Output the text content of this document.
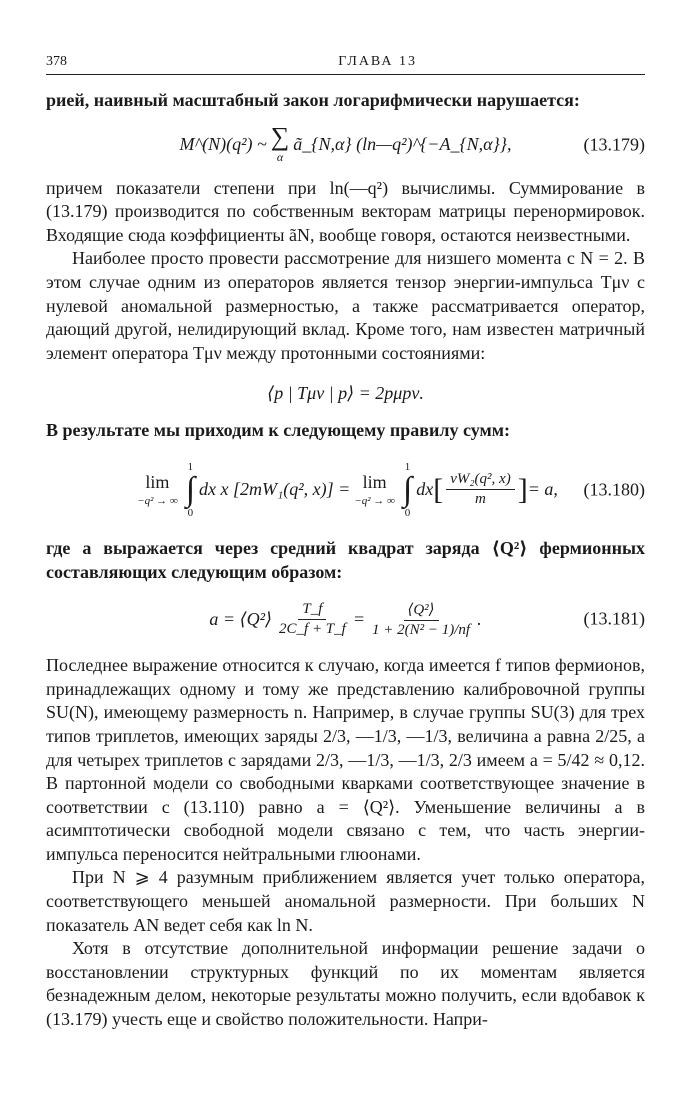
378	ГЛАВА 13

рией, наивный масштабный закон логарифмически нарушается:

M^(N)(q²) ~ ∑
α
ã_{N,α} (ln—q²)^{−A_{N,α}},	(13.179)

причем показатели степени при ln(—q²) вычислимы. Суммирование в (13.179) производится по собственным векторам матрицы перенормировок. Входящие сюда коэффициенты ãN, вообще говоря, остаются неизвестными.

Наиболее просто провести рассмотрение для низшего момента с N = 2. В этом случае одним из операторов является тензор энергии-импульса Tμν с нулевой аномальной размерностью, а также рассматривается оператор, дающий другой, нелидирующий вклад. Кроме того, нам известен матричный элемент оператора Tμν между протонными состояниями:

⟨p | Tμν | p⟩ = 2pμpν.

В результате мы приходим к следующему правилу сумм:

lim
−q² → ∞
1
∫
0
dx x [2mW₁(q², x)] = lim
−q² → ∞
1
∫
0
dx [ $\frac{\text{νW₂(q², x)}}{m}$ ] = a, (13.180)

где a выражается через средний квадрат заряда ⟨Q²⟩ фермионных составляющих следующим образом:

a = ⟨Q²⟩ $\frac{T\_f}{2C\_f + T\_f} = \frac{\text{⟨Q²⟩}}{\text{1 + 2(N² − 1)/nf}}$ .	(13.181)

Последнее выражение относится к случаю, когда имеется f типов фермионов, принадлежащих одному и тому же представлению калибровочной группы SU(N), имеющему размерность n. Например, в случае группы SU(3) для трех типов триплетов, имеющих заряды 2/3, —1/3, —1/3, величина a равна 2/25, а для четырех триплетов с зарядами 2/3, —1/3, —1/3, 2/3 имеем a = 5/42 ≈ 0,12. В партонной модели со свободными кварками соответствующее значение в соответствии с (13.110) равно a = ⟨Q²⟩. Уменьшение величины a в асимптотически свободной модели связано с тем, что часть энергии-импульса переносится нейтральными глюонами.

При N ⩾ 4 разумным приближением является учет только оператора, соответствующего меньшей аномальной размерности. При больших N показатель AN ведет себя как ln N.

Хотя в отсутствие дополнительной информации решение задачи о восстановлении структурных функций по их моментам является безнадежным делом, некоторые результаты можно получить, если вдобавок к (13.179) учесть еще и свойство положительности. Напри-
